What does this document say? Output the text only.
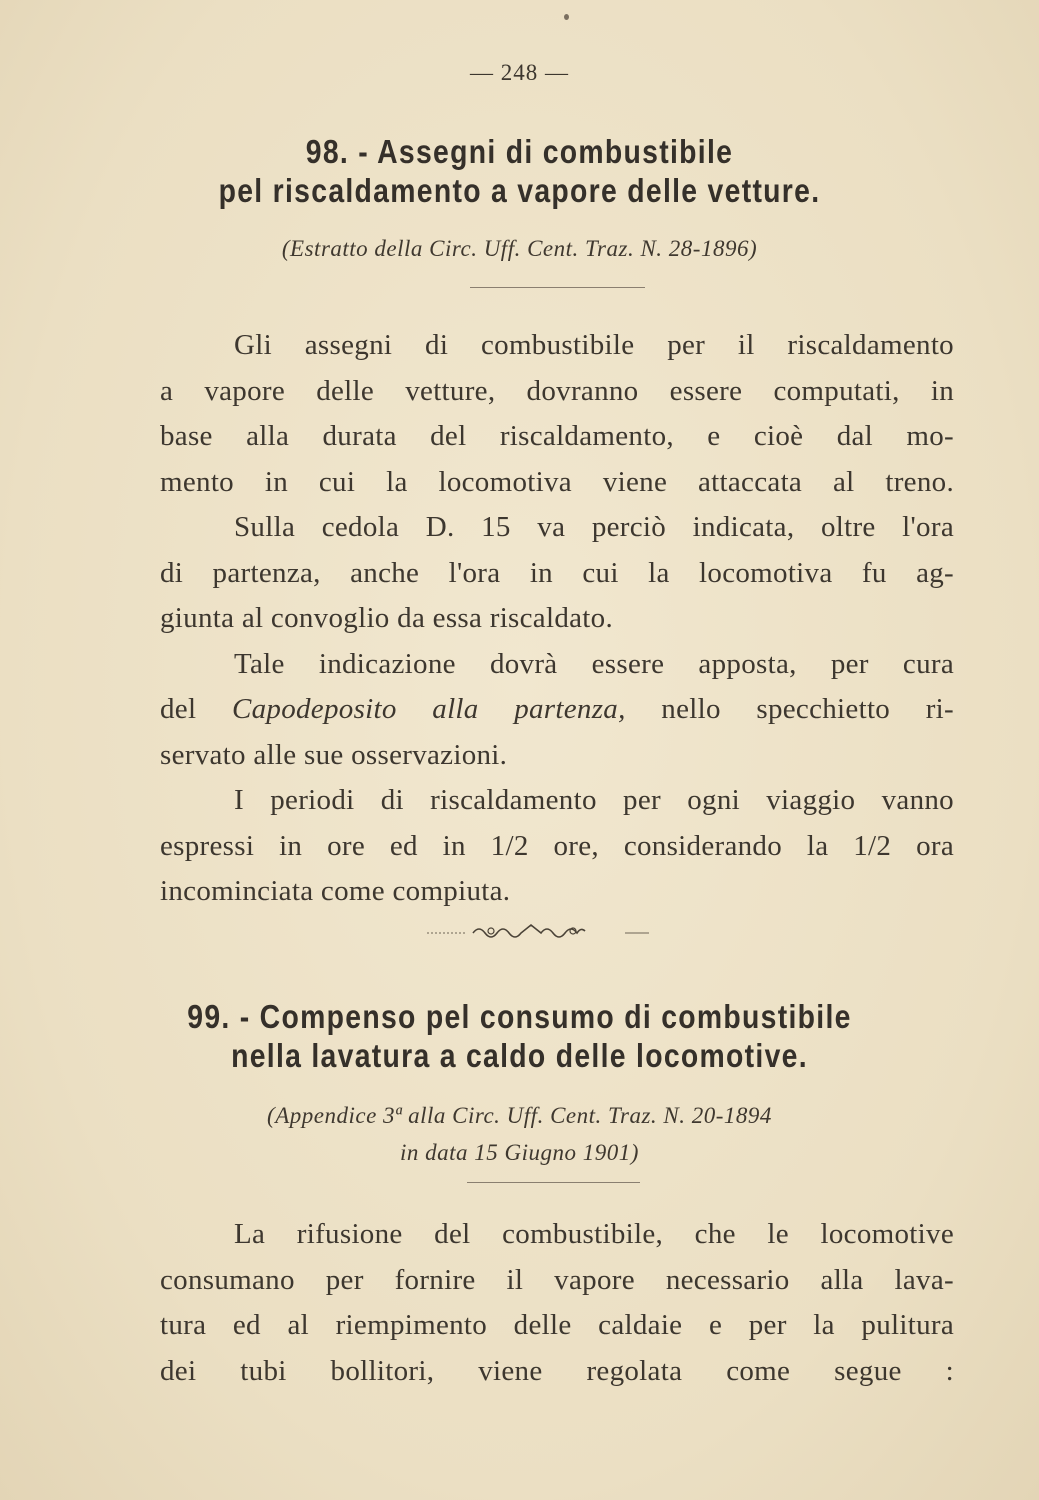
— 248 —
98. - Assegni di combustibile
pel riscaldamento a vapore delle vetture.
(Estratto della Circ. Uff. Cent. Traz. N. 28-1896)
Gli assegni di combustibile per il riscaldamento
a vapore delle vetture, dovranno essere computati, in
base alla durata del riscaldamento, e cioè dal mo-
mento in cui la locomotiva viene attaccata al treno.
Sulla cedola D. 15 va perciò indicata, oltre l'ora
di partenza, anche l'ora in cui la locomotiva fu ag-
giunta al convoglio da essa riscaldato.
Tale indicazione dovrà essere apposta, per cura
del Capodeposito alla partenza, nello specchietto ri-
servato alle sue osservazioni.
I periodi di riscaldamento per ogni viaggio vanno
espressi in ore ed in 1/2 ore, considerando la 1/2 ora
incominciata come compiuta.
99. - Compenso pel consumo di combustibile
nella lavatura a caldo delle locomotive.
(Appendice 3ª alla Circ. Uff. Cent. Traz. N. 20-1894
in data 15 Giugno 1901)
La rifusione del combustibile, che le locomotive
consumano per fornire il vapore necessario alla lava-
tura ed al riempimento delle caldaie e per la pulitura
dei tubi bollitori, viene regolata come segue :
